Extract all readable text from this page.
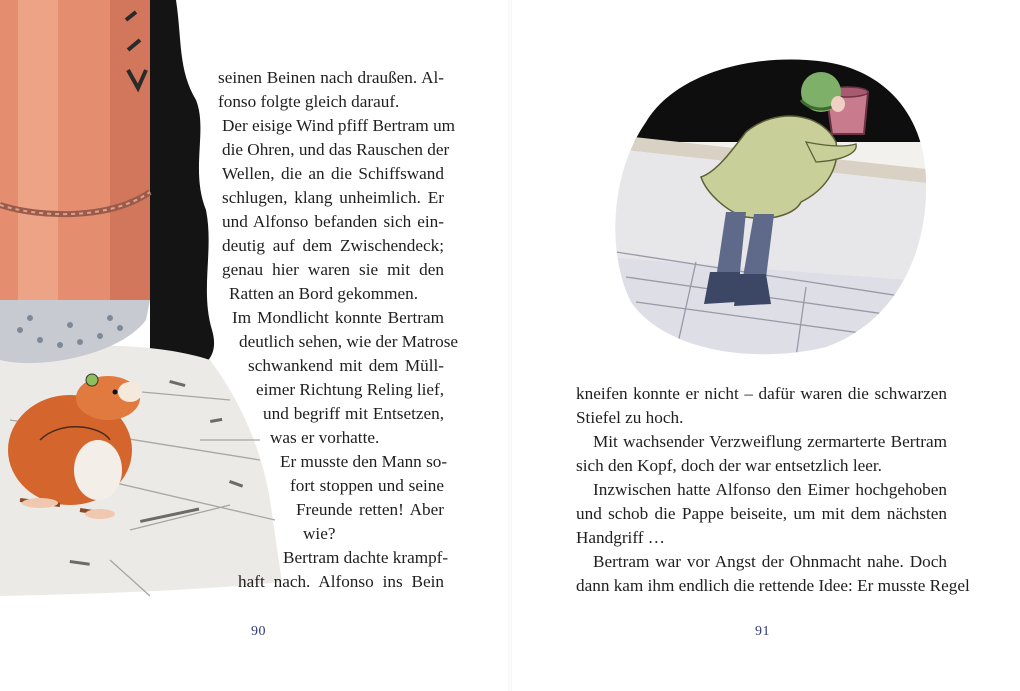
seinen Beinen nach draußen. Al-
fonso folgte gleich darauf.
Der eisige Wind pfiff Bertram um
die Ohren, und das Rauschen der
Wellen, die an die Schiffswand
schlugen, klang unheimlich. Er
und Alfonso befanden sich ein-
deutig auf dem Zwischendeck;
genau hier waren sie mit den
Ratten an Bord gekommen.
Im Mondlicht konnte Bertram
deutlich sehen, wie der Matrose
schwankend mit dem Müll-
eimer Richtung Reling lief,
und begriff mit Entsetzen,
was er vorhatte.
Er musste den Mann so-
fort stoppen und seine
Freunde retten! Aber
wie?
Bertram dachte krampf-
haft nach. Alfonso ins Bein
90
kneifen konnte er nicht – dafür waren die schwarzen
Stiefel zu hoch.
Mit wachsender Verzweiflung zermarterte Bertram
sich den Kopf, doch der war entsetzlich leer.
Inzwischen hatte Alfonso den Eimer hochgehoben
und schob die Pappe beiseite, um mit dem nächsten
Handgriff …
Bertram war vor Angst der Ohnmacht nahe. Doch
dann kam ihm endlich die rettende Idee: Er musste Regel
91
